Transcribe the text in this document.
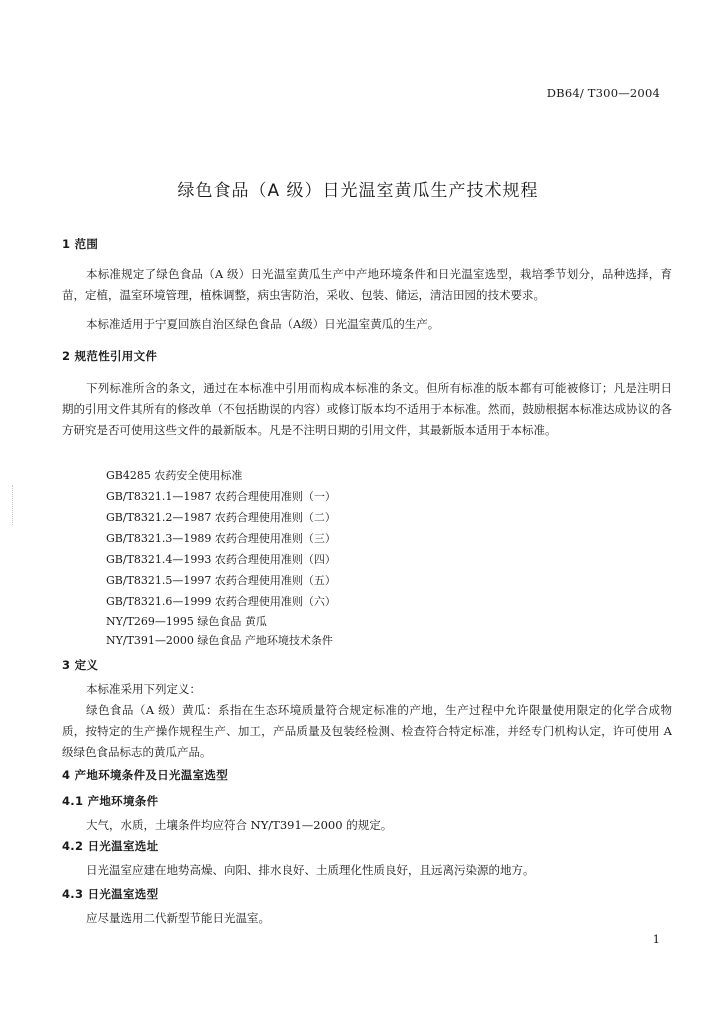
DB64/ T300—2004
绿色食品（A 级）日光温室黄瓜生产技术规程
1 范围
本标准规定了绿色食品（A 级）日光温室黄瓜生产中产地环境条件和日光温室选型，栽培季节划分，品种选择，育苗，定植，温室环境管理，植株调整，病虫害防治，采收、包装、储运，清洁田园的技术要求。
本标准适用于宁夏回族自治区绿色食品（A级）日光温室黄瓜的生产。
2 规范性引用文件
下列标准所含的条文，通过在本标准中引用而构成本标准的条文。但所有标准的版本都有可能被修订；凡是注明日期的引用文件其所有的修改单（不包括勘误的内容）或修订版本均不适用于本标准。然而，鼓励根据本标准达成协议的各方研究是否可使用这些文件的最新版本。凡是不注明日期的引用文件，其最新版本适用于本标准。
GB4285 农药安全使用标准
GB/T8321.1—1987 农药合理使用准则（一）
GB/T8321.2—1987 农药合理使用准则（二）
GB/T8321.3—1989 农药合理使用准则（三）
GB/T8321.4—1993 农药合理使用准则（四）
GB/T8321.5—1997 农药合理使用准则（五）
GB/T8321.6—1999 农药合理使用准则（六）
NY/T269—1995 绿色食品 黄瓜
NY/T391—2000 绿色食品 产地环境技术条件
3 定义
本标准采用下列定义：
绿色食品（A 级）黄瓜：系指在生态环境质量符合规定标准的产地，生产过程中允许限量使用限定的化学合成物质，按特定的生产操作规程生产、加工，产品质量及包装经检测、检查符合特定标准，并经专门机构认定，许可使用 A 级绿色食品标志的黄瓜产品。
4 产地环境条件及日光温室选型
4.1 产地环境条件
大气，水质，土壤条件均应符合 NY/T391—2000 的规定。
4.2 日光温室选址
日光温室应建在地势高燥、向阳、排水良好、土质理化性质良好，且远离污染源的地方。
4.3 日光温室选型
应尽量选用二代新型节能日光温室。
1
